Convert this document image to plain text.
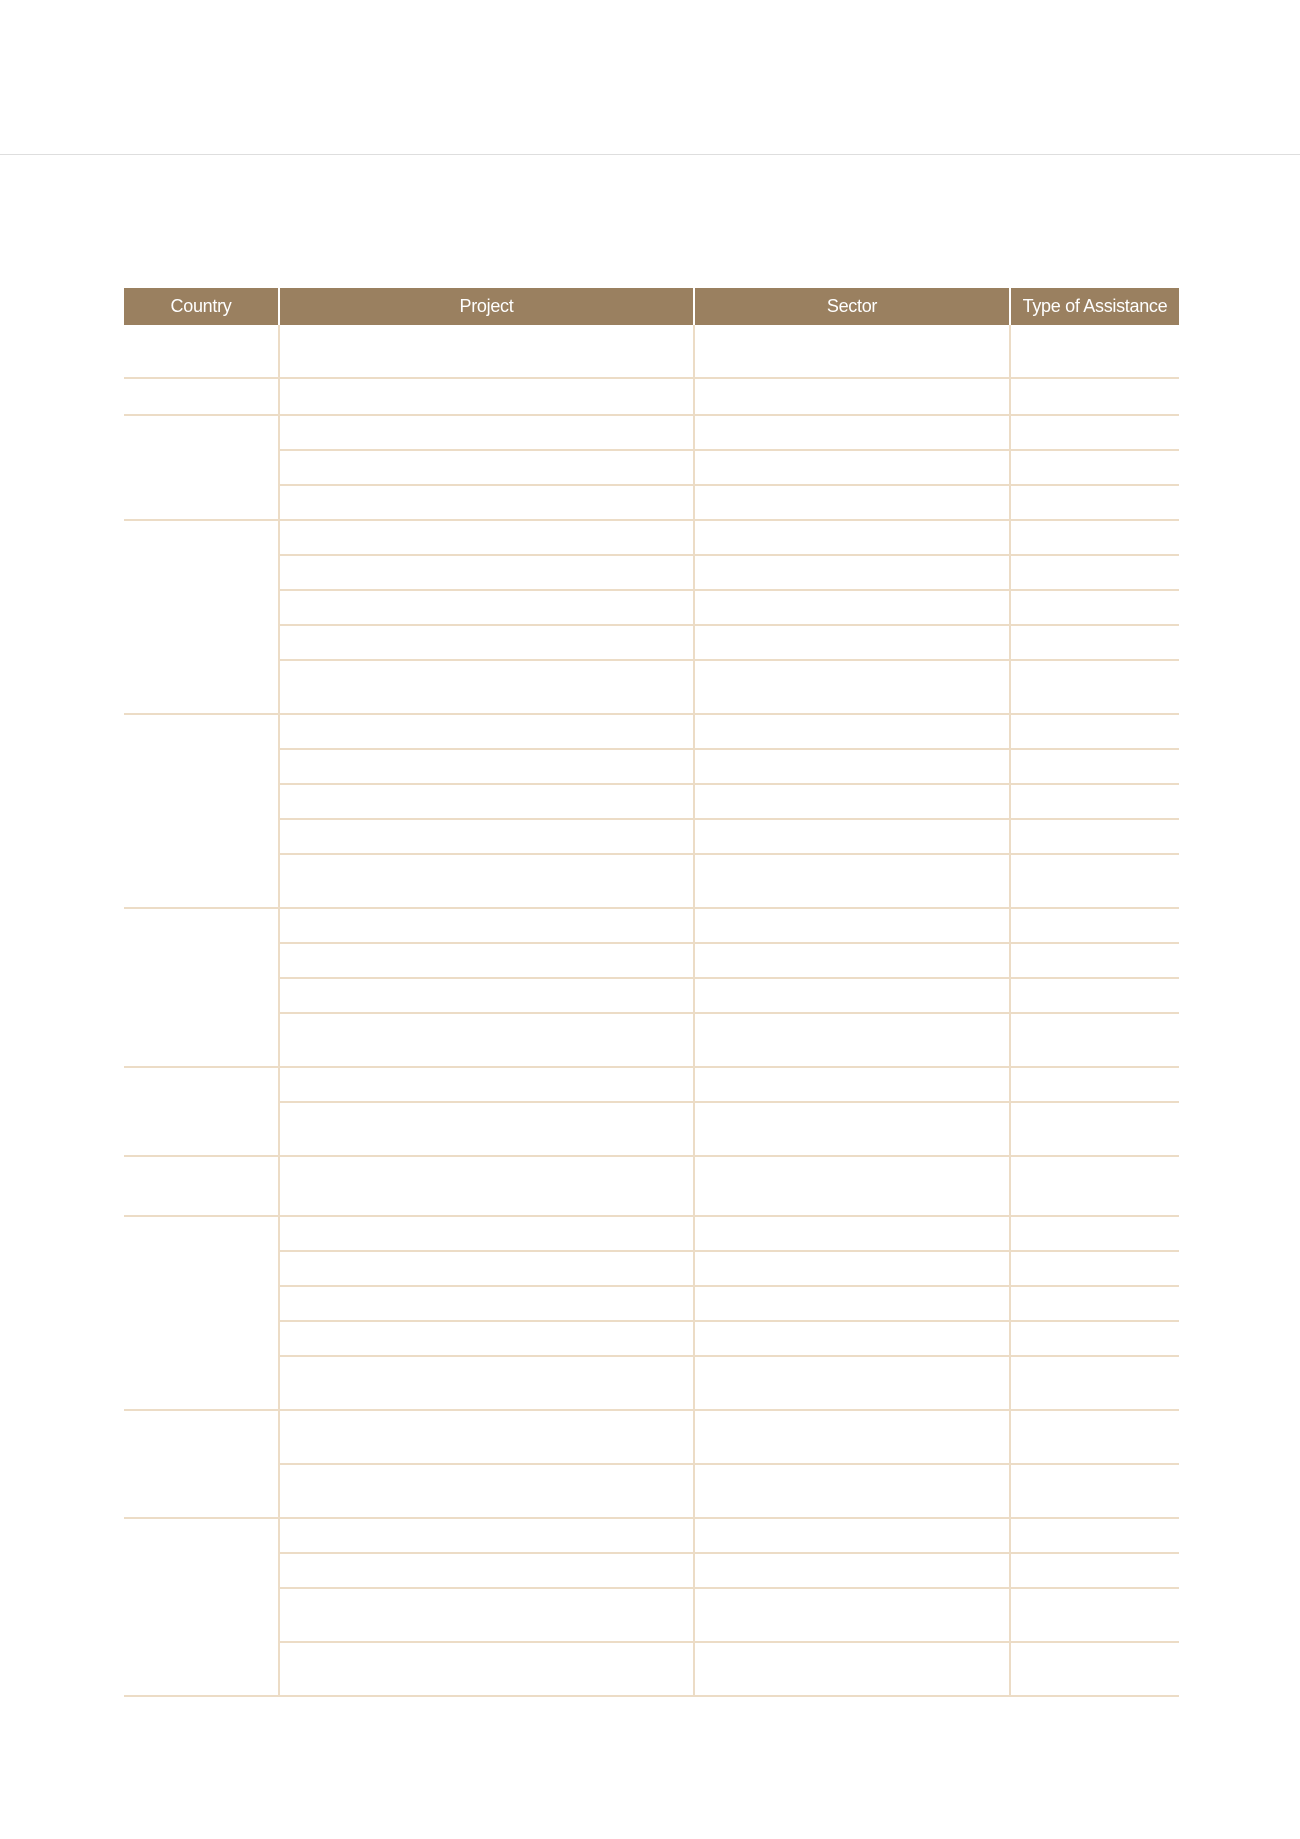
Country	Project	Sector	Type of Assistance
